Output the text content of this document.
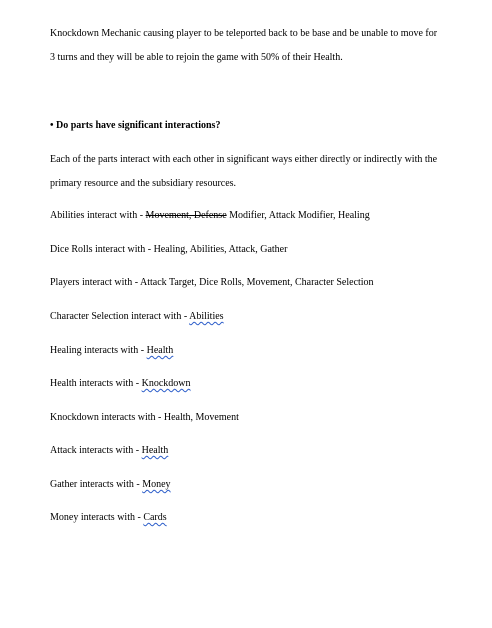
Knockdown Mechanic causing player to be teleported back to be base and be unable to move for
3 turns and they will be able to rejoin the game with 50% of their Health.
• Do parts have significant interactions?
Each of the parts interact with each other in significant ways either directly or indirectly with the
primary resource and the subsidiary resources.
Abilities interact with - Movement, Defense Modifier, Attack Modifier, Healing
Dice Rolls interact with - Healing, Abilities, Attack, Gather
Players interact with - Attack Target, Dice Rolls, Movement, Character Selection
Character Selection interact with - Abilities
Healing interacts with - Health
Health interacts with - Knockdown
Knockdown interacts with - Health, Movement
Attack interacts with - Health
Gather interacts with - Money
Money interacts with - Cards
